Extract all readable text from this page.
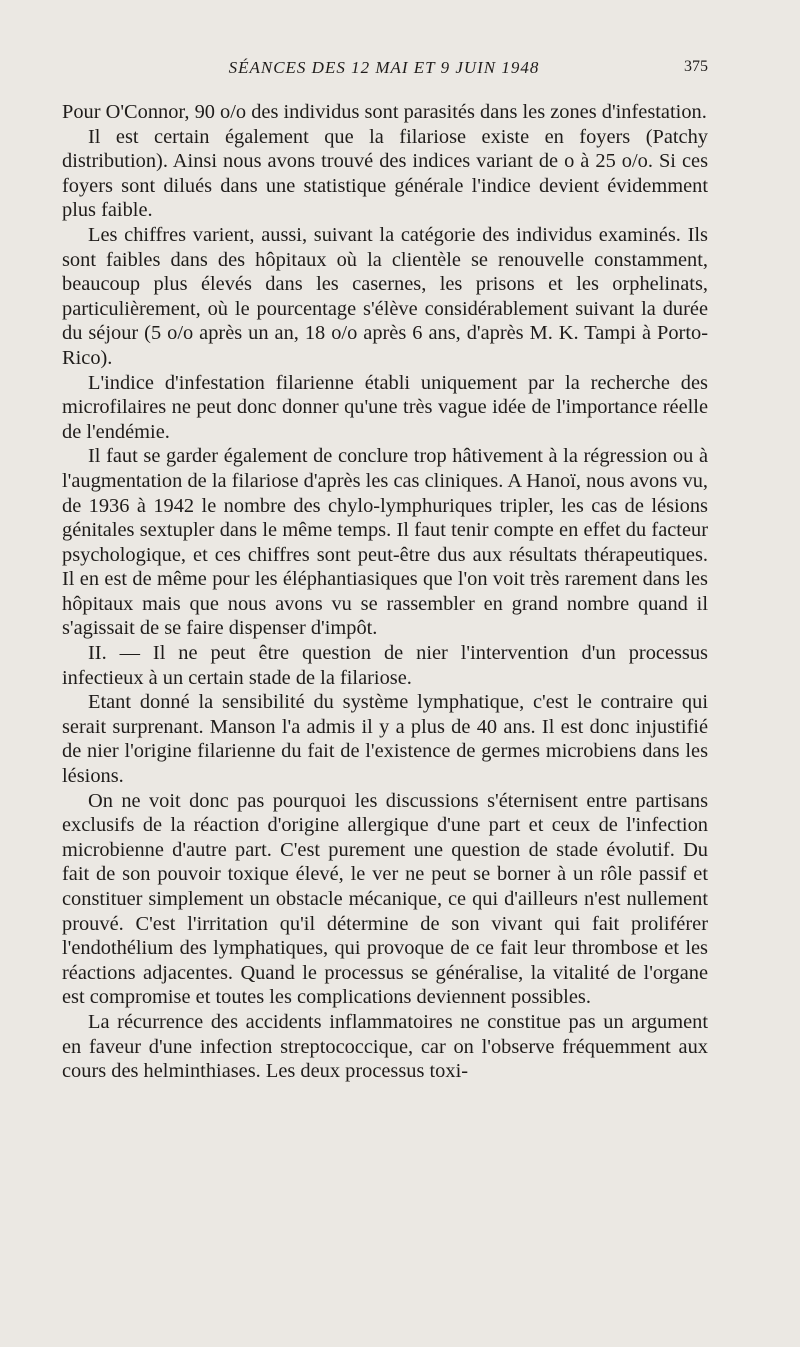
SÉANCES DES 12 MAI ET 9 JUIN 1948	375

Pour O'Connor, 90 o/o des individus sont parasités dans les zones d'infestation.

Il est certain également que la filariose existe en foyers (Patchy distribution). Ainsi nous avons trouvé des indices variant de o à 25 o/o. Si ces foyers sont dilués dans une statistique générale l'indice devient évidemment plus faible.

Les chiffres varient, aussi, suivant la catégorie des individus examinés. Ils sont faibles dans des hôpitaux où la clientèle se renouvelle constamment, beaucoup plus élevés dans les casernes, les prisons et les orphelinats, particulièrement, où le pourcentage s'élève considérablement suivant la durée du séjour (5 o/o après un an, 18 o/o après 6 ans, d'après M. K. Tampi à Porto-Rico).

L'indice d'infestation filarienne établi uniquement par la recherche des microfilaires ne peut donc donner qu'une très vague idée de l'importance réelle de l'endémie.

Il faut se garder également de conclure trop hâtivement à la régression ou à l'augmentation de la filariose d'après les cas cliniques. A Hanoï, nous avons vu, de 1936 à 1942 le nombre des chylo-lymphuriques tripler, les cas de lésions génitales sextupler dans le même temps. Il faut tenir compte en effet du facteur psychologique, et ces chiffres sont peut-être dus aux résultats thérapeutiques. Il en est de même pour les éléphantiasiques que l'on voit très rarement dans les hôpitaux mais que nous avons vu se rassembler en grand nombre quand il s'agissait de se faire dispenser d'impôt.

II. — Il ne peut être question de nier l'intervention d'un processus infectieux à un certain stade de la filariose.

Etant donné la sensibilité du système lymphatique, c'est le contraire qui serait surprenant. Manson l'a admis il y a plus de 40 ans. Il est donc injustifié de nier l'origine filarienne du fait de l'existence de germes microbiens dans les lésions.

On ne voit donc pas pourquoi les discussions s'éternisent entre partisans exclusifs de la réaction d'origine allergique d'une part et ceux de l'infection microbienne d'autre part. C'est purement une question de stade évolutif. Du fait de son pouvoir toxique élevé, le ver ne peut se borner à un rôle passif et constituer simplement un obstacle mécanique, ce qui d'ailleurs n'est nullement prouvé. C'est l'irritation qu'il détermine de son vivant qui fait proliférer l'endothélium des lymphatiques, qui provoque de ce fait leur thrombose et les réactions adjacentes. Quand le processus se généralise, la vitalité de l'organe est compromise et toutes les complications deviennent possibles.

La récurrence des accidents inflammatoires ne constitue pas un argument en faveur d'une infection streptococcique, car on l'observe fréquemment aux cours des helminthiases. Les deux processus toxi-
